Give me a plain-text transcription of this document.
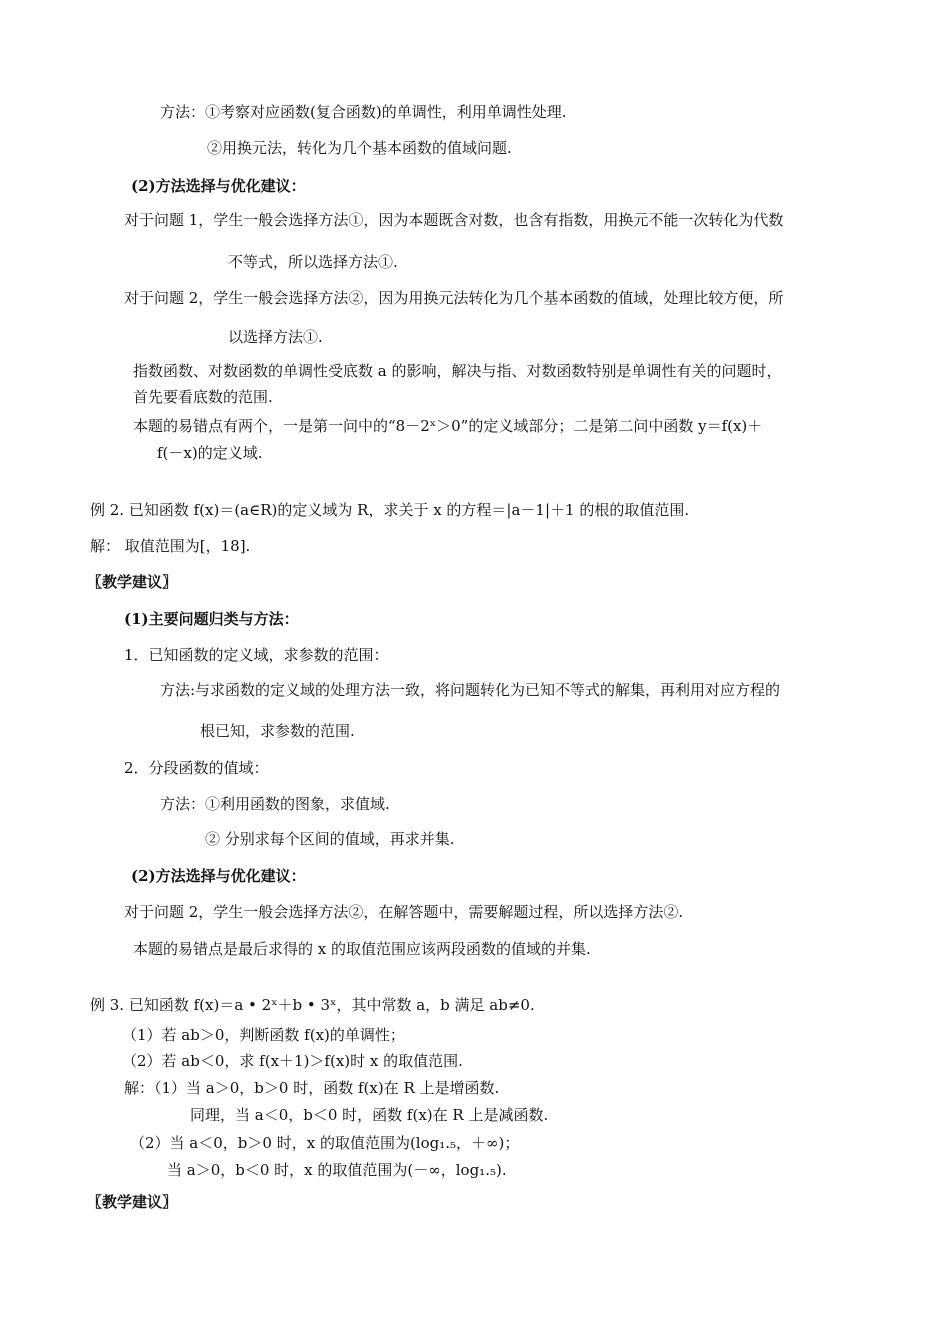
方法：①考察对应函数(复合函数)的单调性，利用单调性处理.
②用换元法，转化为几个基本函数的值域问题.
(2)方法选择与优化建议：
对于问题 1，学生一般会选择方法①，因为本题既含对数，也含有指数，用换元不能一次转化为代数
不等式，所以选择方法①.
对于问题 2，学生一般会选择方法②，因为用换元法转化为几个基本函数的值域，处理比较方便，所
以选择方法①.
指数函数、对数函数的单调性受底数 a 的影响，解决与指、对数函数特别是单调性有关的问题时，
首先要看底数的范围.
本题的易错点有两个，一是第一问中的“8－2ˣ＞0”的定义域部分；二是第二问中函数 y＝f(x)＋
f(－x)的定义域.
例 2. 已知函数 f(x)＝(a∈R)的定义域为 R，求关于 x 的方程＝|a－1|＋1 的根的取值范围.
解： 取值范围为[，18].
〖教学建议〗
(1)主要问题归类与方法：
1．已知函数的定义域，求参数的范围：
方法:与求函数的定义域的处理方法一致，将问题转化为已知不等式的解集，再利用对应方程的
根已知，求参数的范围.
2．分段函数的值域：
方法：①利用函数的图象，求值域.
② 分别求每个区间的值域，再求并集.
(2)方法选择与优化建议：
对于问题 2，学生一般会选择方法②，在解答题中，需要解题过程，所以选择方法②.
本题的易错点是最后求得的 x 的取值范围应该两段函数的值域的并集.
例 3. 已知函数 f(x)＝a • 2ˣ＋b • 3ˣ，其中常数 a，b 满足 ab≠0.
（1）若 ab＞0，判断函数 f(x)的单调性；
（2）若 ab＜0，求 f(x＋1)＞f(x)时 x 的取值范围.
解：（1）当 a＞0，b＞0 时，函数 f(x)在 R 上是增函数.
同理，当 a＜0，b＜0 时，函数 f(x)在 R 上是减函数.
（2）当 a＜0，b＞0 时，x 的取值范围为(log₁.₅，＋∞)；
当 a＞0，b＜0 时，x 的取值范围为(－∞，log₁.₅).
〖教学建议〗
